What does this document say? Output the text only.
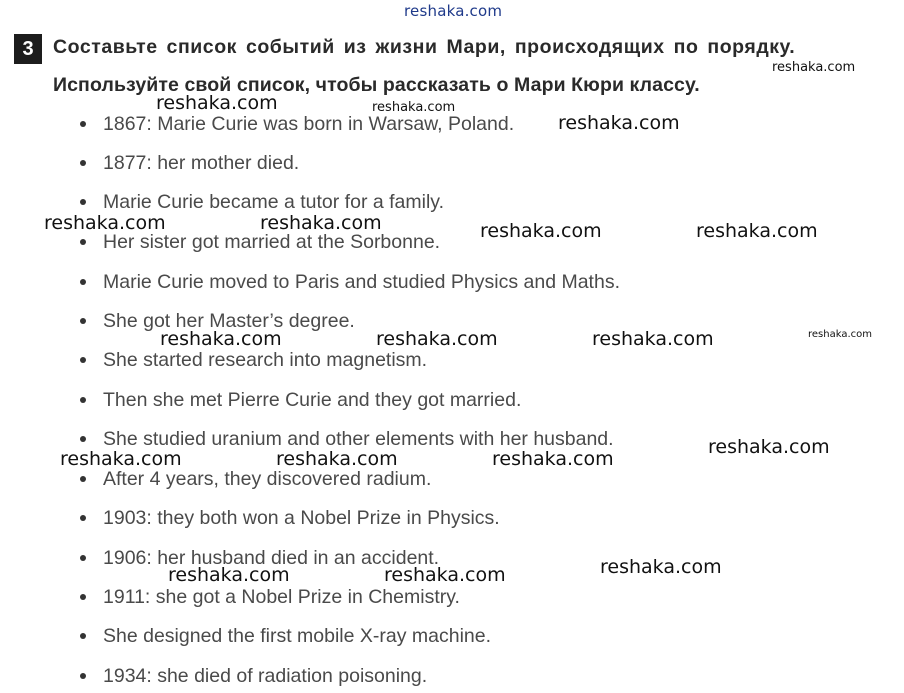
reshaka.com
3 Составьте список событий из жизни Мари, происходящих по порядку.
Используйте свой список, чтобы рассказать о Мари Кюри классу.
1867: Marie Curie was born in Warsaw, Poland.
1877: her mother died.
Marie Curie became a tutor for a family.
Her sister got married at the Sorbonne.
Marie Curie moved to Paris and studied Physics and Maths.
She got her Master’s degree.
She started research into magnetism.
Then she met Pierre Curie and they got married.
She studied uranium and other elements with her husband.
After 4 years, they discovered radium.
1903: they both won a Nobel Prize in Physics.
1906: her husband died in an accident.
1911: she got a Nobel Prize in Chemistry.
She designed the first mobile X-ray machine.
1934: she died of radiation poisoning.
reshaka.com
reshaka.com	reshaka.com
reshaka.com
reshaka.com	reshaka.com	reshaka.com	reshaka.com
reshaka.com	reshaka.com	reshaka.com	reshaka.com
reshaka.com
reshaka.com	reshaka.com	reshaka.com
reshaka.com
reshaka.com	reshaka.com
